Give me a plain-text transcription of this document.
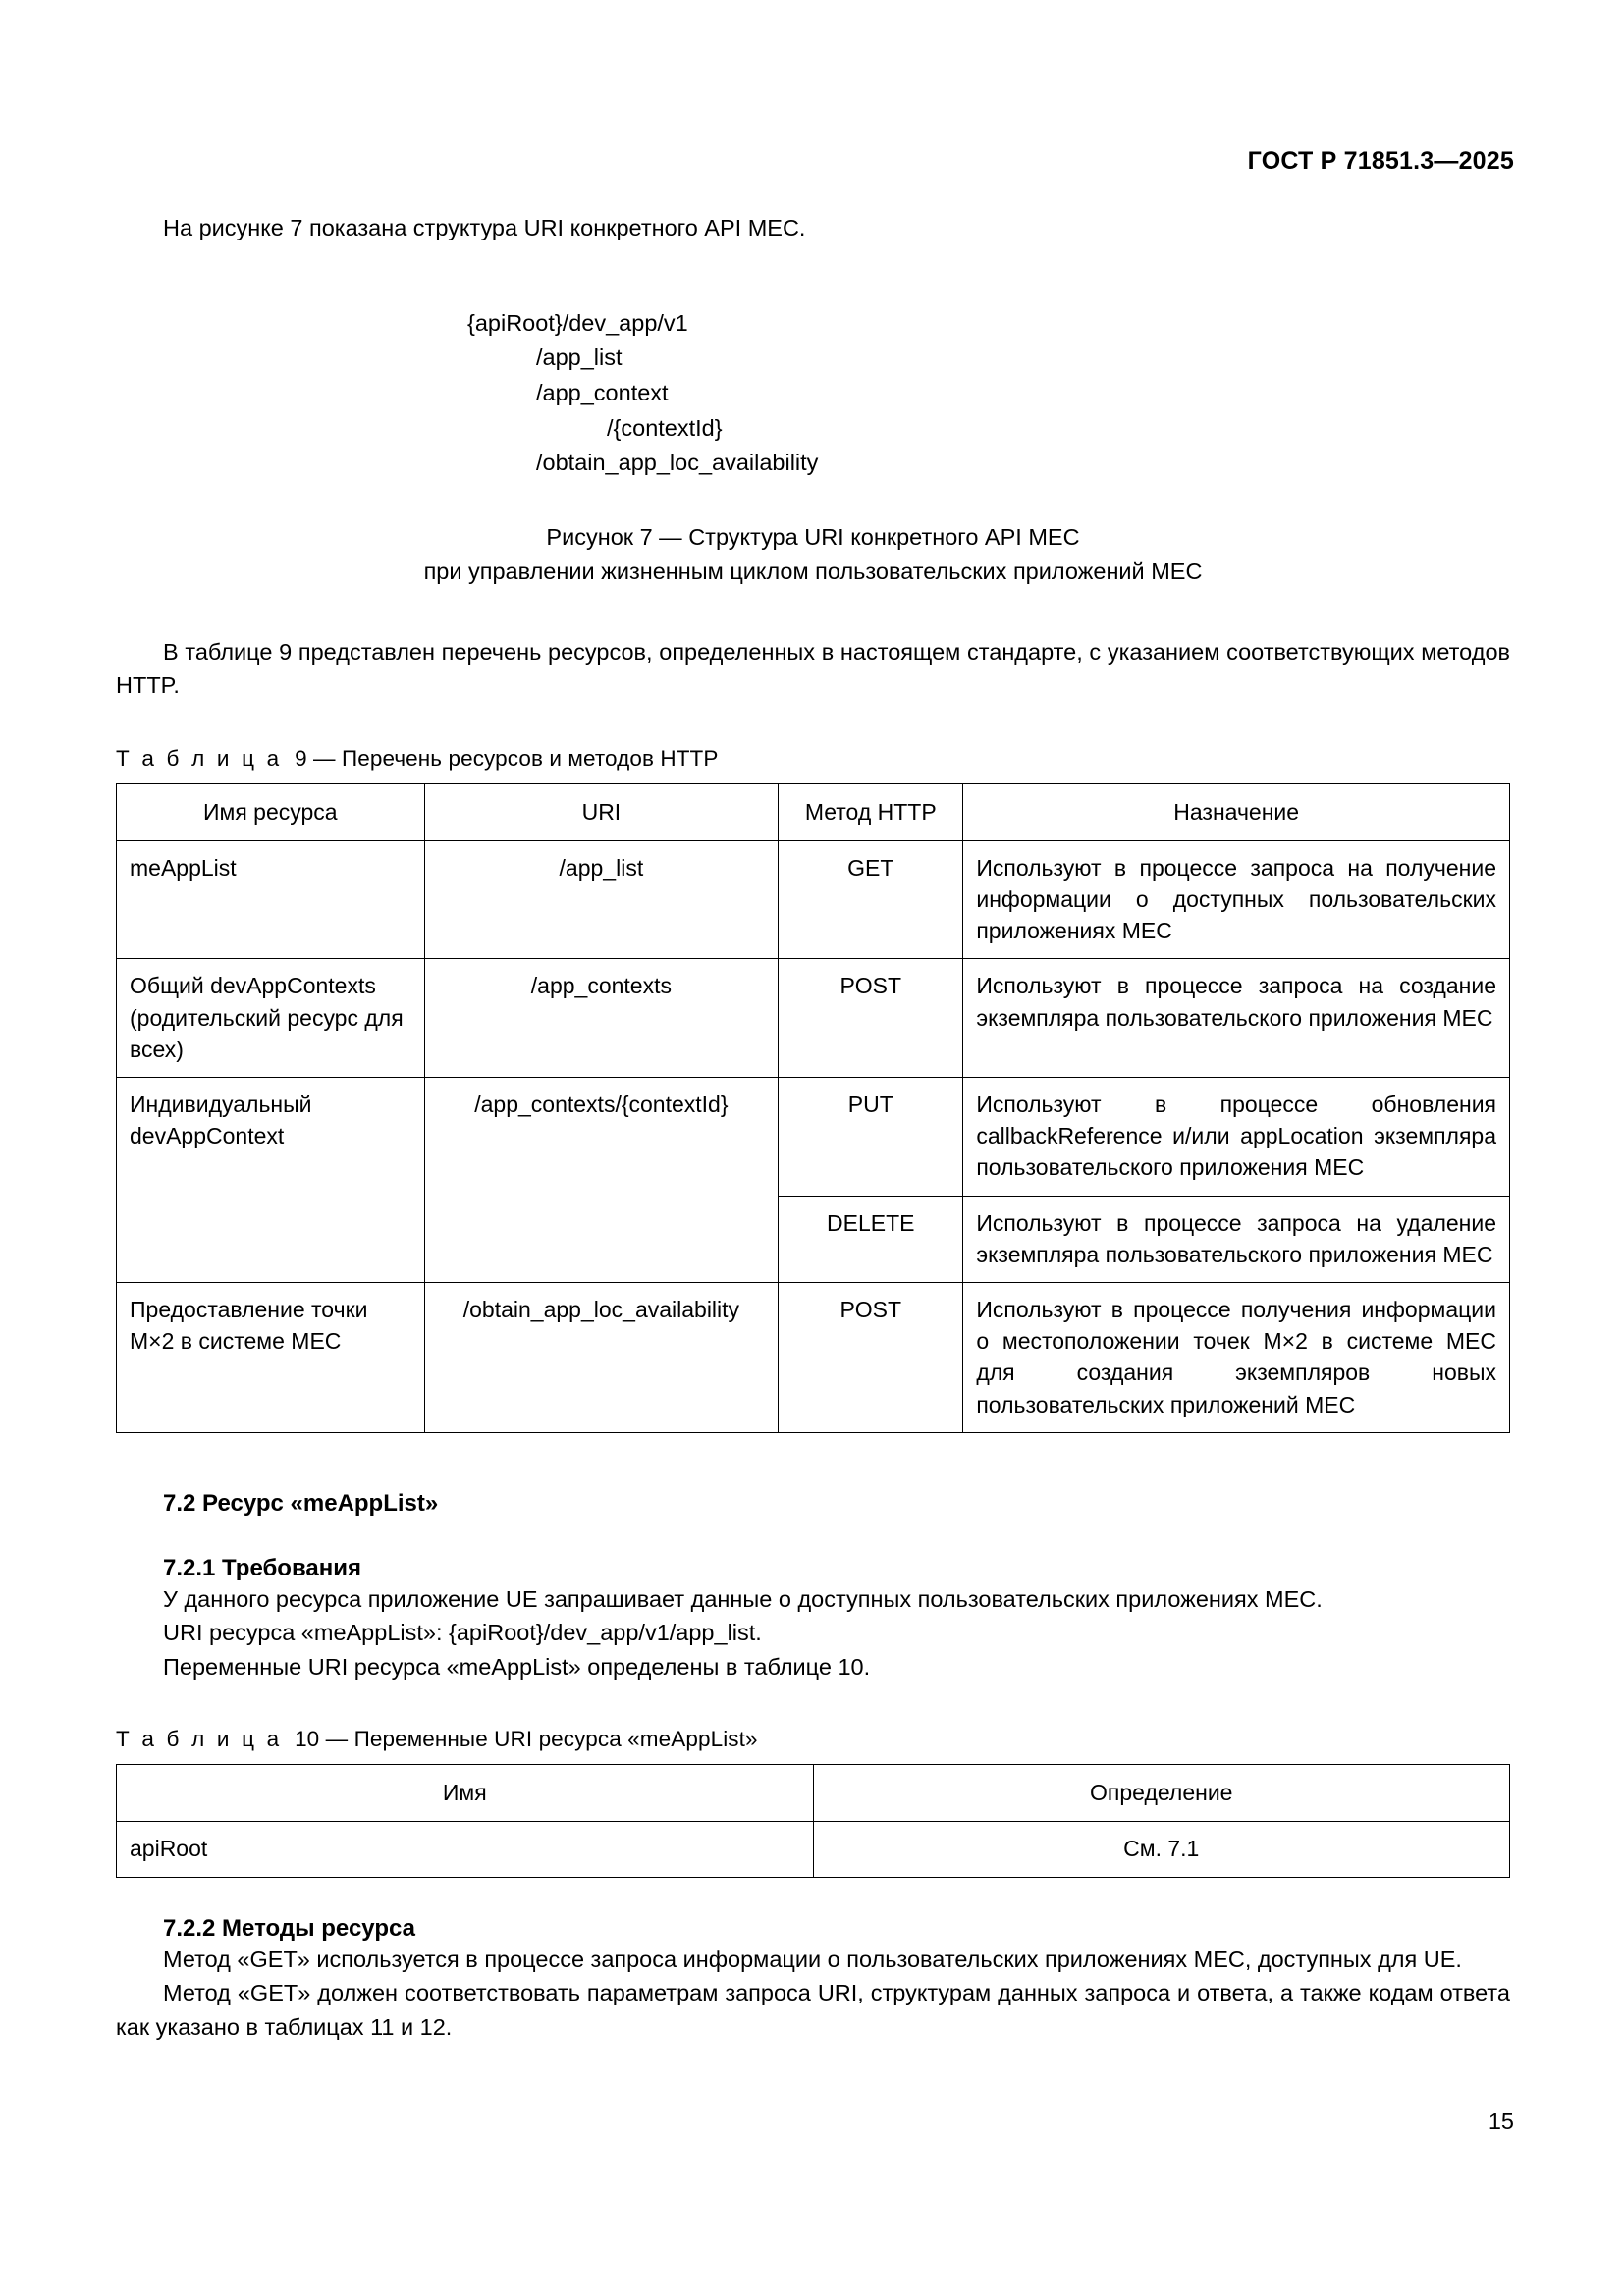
ГОСТ Р 71851.3—2025

На рисунке 7 показана структура URI конкретного API MEC.

{apiRoot}/dev_app/v1
/app_list
/app_context
/{contextId}
/obtain_app_loc_availability
Рисунок 7 — Структура URI конкретного API MEC
при управлении жизненным циклом пользовательских приложений MEC

В таблице 9 представлен перечень ресурсов, определенных в настоящем стандарте, с указанием соответствующих методов HTTP.

Т а б л и ц а 9 — Перечень ресурсов и методов HTTP
Имя ресурса	URI	Метод HTTP	Назначение
meAppList	/app_list	GET	Используют в процессе запроса на получение информации о доступных пользовательских приложениях MEC
Общий devAppContexts (родительский ресурс для всех)	/app_contexts	POST	Используют в процессе запроса на создание экземпляра пользовательского приложения MEC
Индивидуальный devAppContext	/app_contexts/{contextId}	PUT	Используют в процессе обновления callbackReference и/или appLocation экземпляра пользовательского приложения MEC
		DELETE	Используют в процессе запроса на удаление экземпляра пользовательского приложения MEC
Предоставление точки M×2 в системе MEC	/obtain_app_loc_availability	POST	Используют в процессе получения информации о местоположении точек M×2 в системе MEC для создания экземпляров новых пользовательских приложений MEC
7.2 Ресурс «meAppList»
7.2.1 Требования

У данного ресурса приложение UE запрашивает данные о доступных пользовательских приложениях MEC.

URI ресурса «meAppList»: {apiRoot}/dev_app/v1/app_list.

Переменные URI ресурса «meAppList» определены в таблице 10.

Т а б л и ц а 10 — Переменные URI ресурса «meAppList»
Имя	Определение
apiRoot	См. 7.1
7.2.2 Методы ресурса

Метод «GET» используется в процессе запроса информации о пользовательских приложениях MEC, доступных для UE.

Метод «GET» должен соответствовать параметрам запроса URI, структурам данных запроса и ответа, а также кодам ответа как указано в таблицах 11 и 12.

15
